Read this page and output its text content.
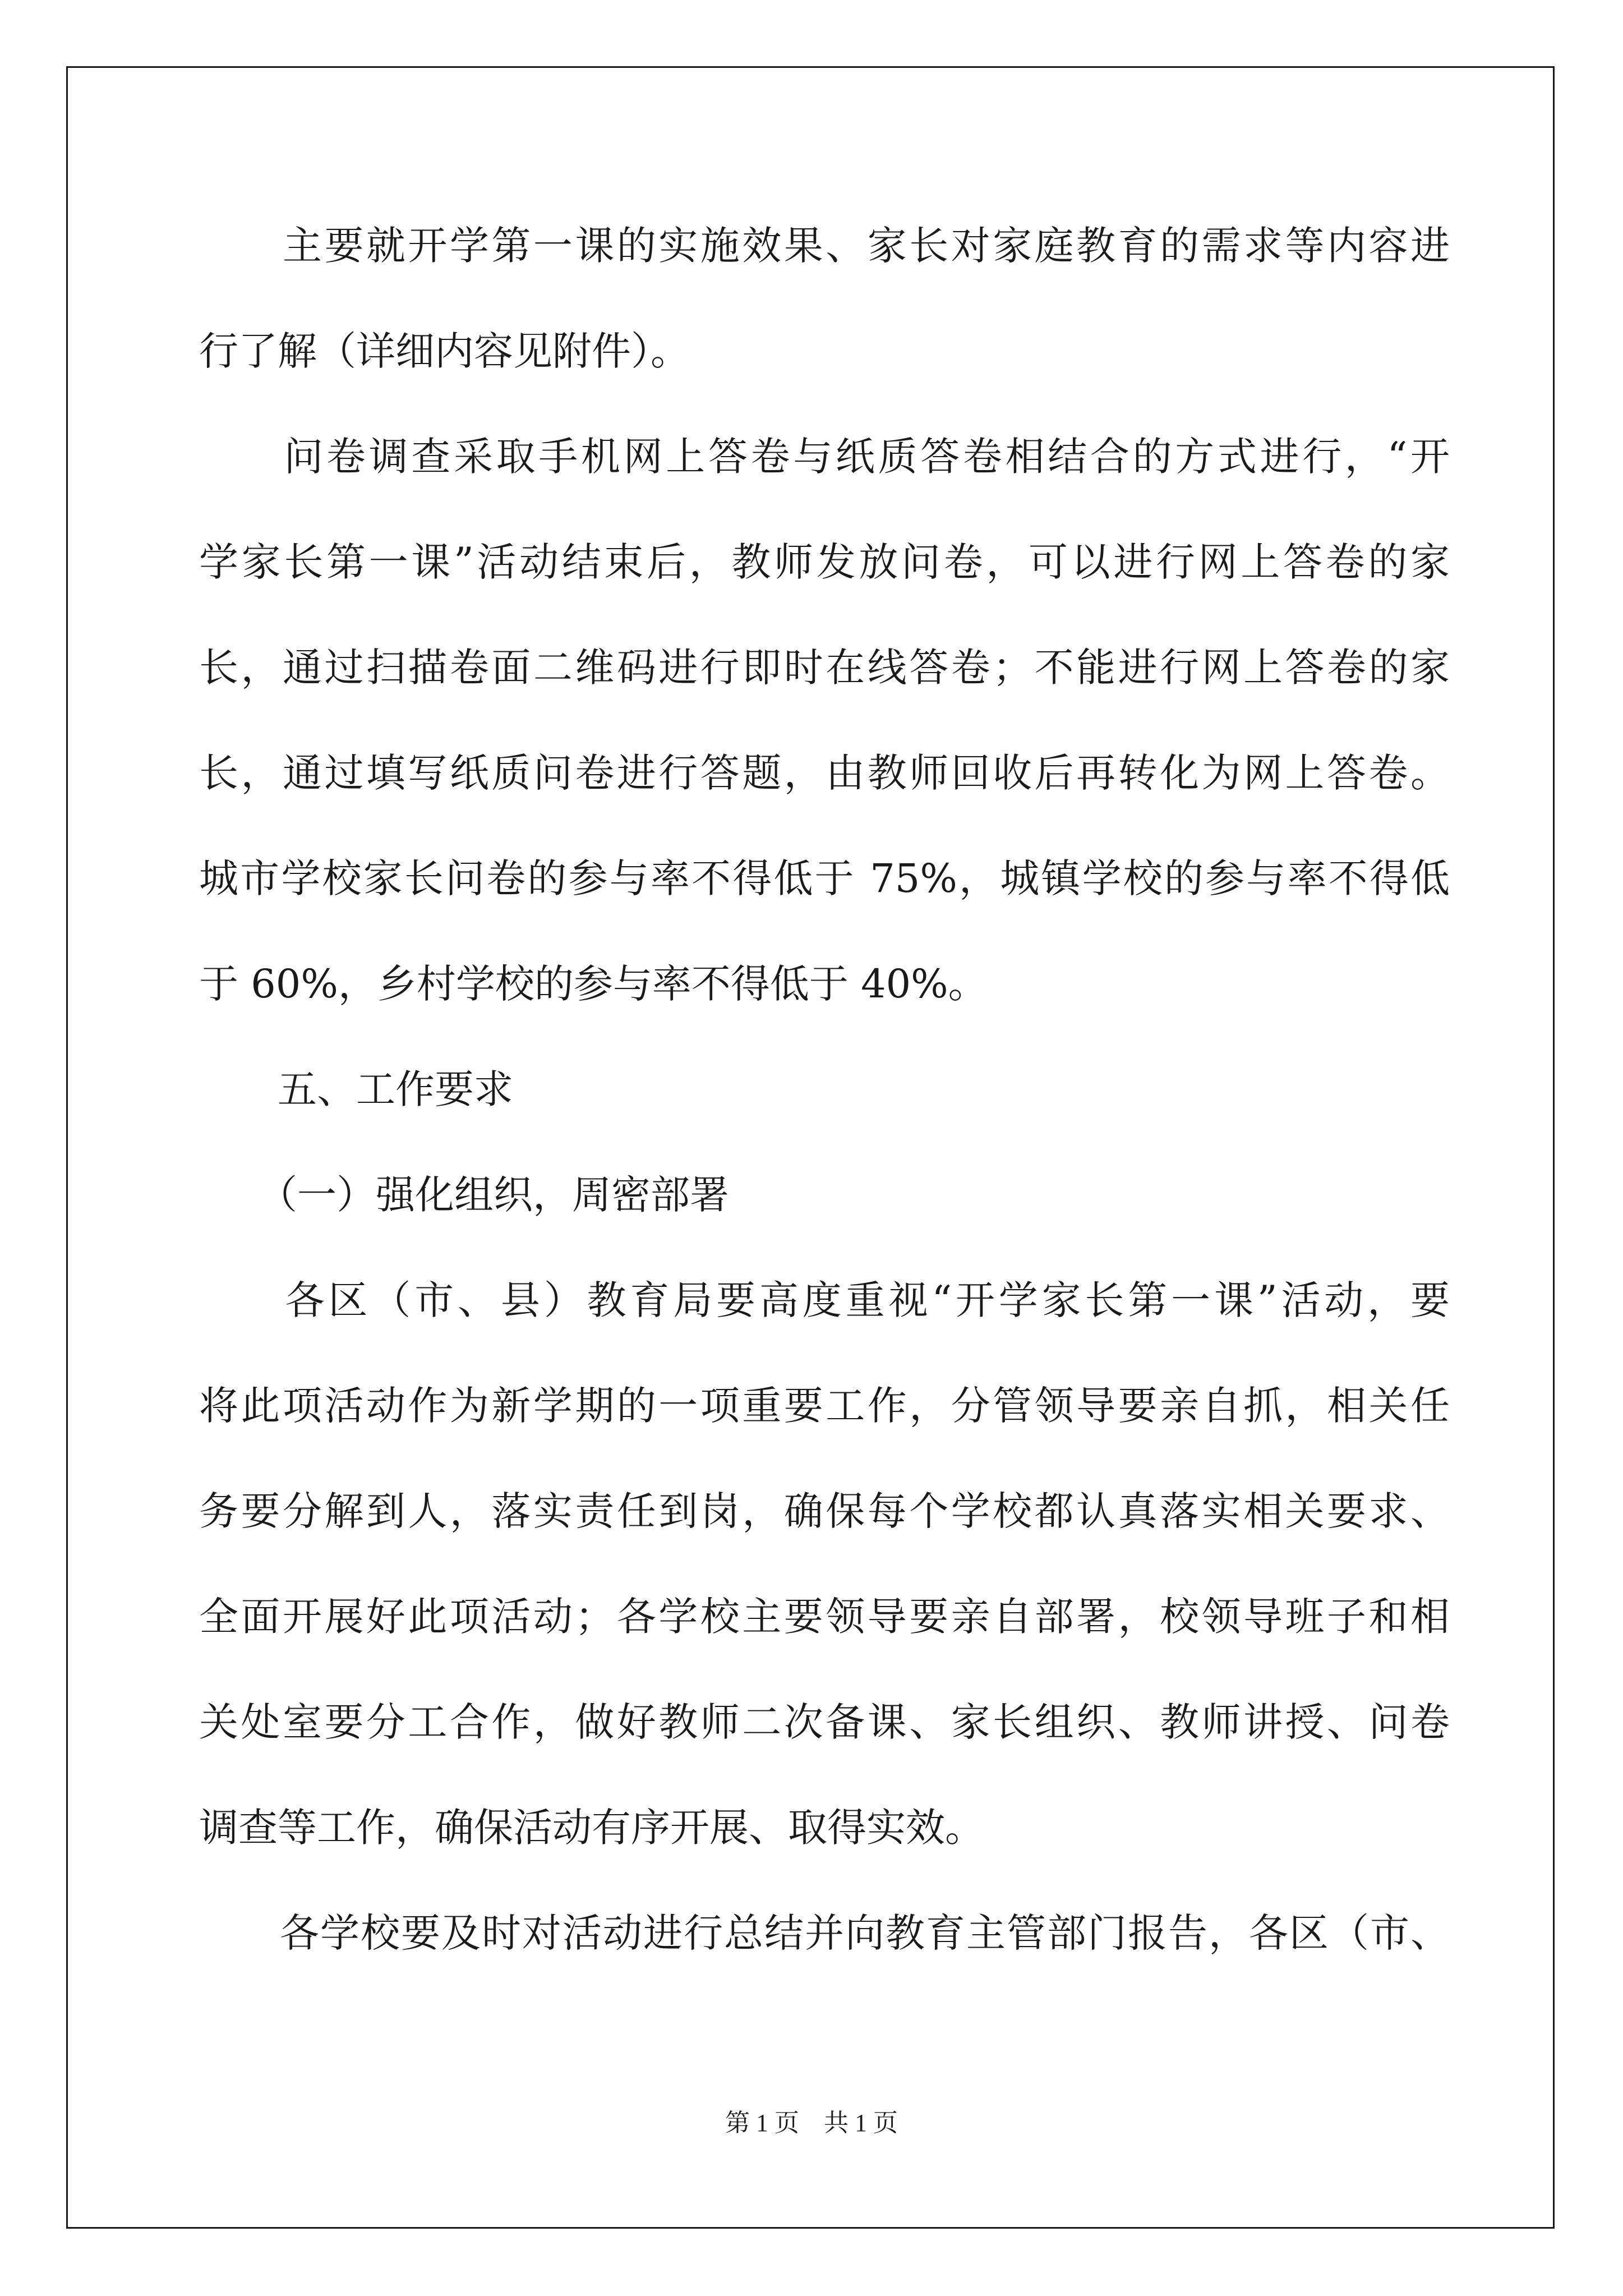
　　主要就开学第一课的实施效果、家长对家庭教育的需求等内容进
行了解（详细内容见附件）。
　　问卷调查采取手机网上答卷与纸质答卷相结合的方式进行，“开
学家长第一课”活动结束后，教师发放问卷，可以进行网上答卷的家
长，通过扫描卷面二维码进行即时在线答卷；不能进行网上答卷的家
长，通过填写纸质问卷进行答题，由教师回收后再转化为网上答卷。
城市学校家长问卷的参与率不得低于 75%，城镇学校的参与率不得低
于 60%，乡村学校的参与率不得低于 40%。
　　五、工作要求
　　（一）强化组织，周密部署
　　各区（市、县）教育局要高度重视“开学家长第一课”活动，要
将此项活动作为新学期的一项重要工作，分管领导要亲自抓，相关任
务要分解到人，落实责任到岗，确保每个学校都认真落实相关要求、
全面开展好此项活动；各学校主要领导要亲自部署，校领导班子和相
关处室要分工合作，做好教师二次备课、家长组织、教师讲授、问卷
调查等工作，确保活动有序开展、取得实效。
　　各学校要及时对活动进行总结并向教育主管部门报告，各区（市、
第 1 页　共 1 页
